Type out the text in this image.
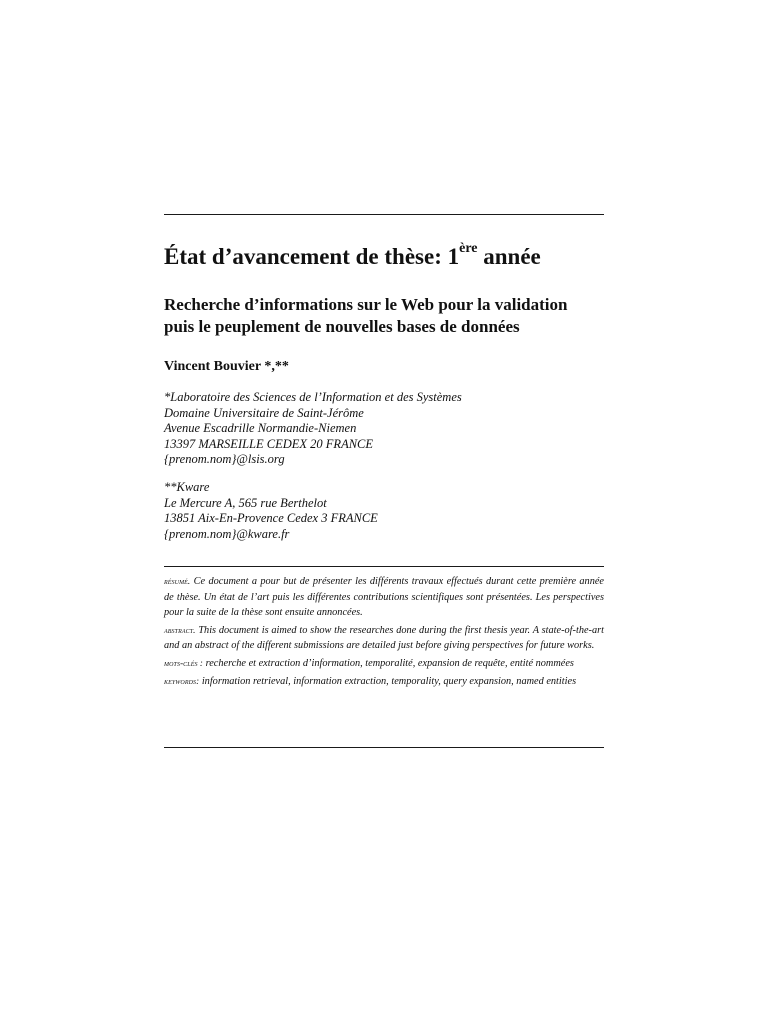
État d’avancement de thèse: 1ère année
Recherche d’informations sur le Web pour la validation
puis le peuplement de nouvelles bases de données
Vincent Bouvier *,**
*Laboratoire des Sciences de l’Information et des Systèmes
Domaine Universitaire de Saint-Jérôme
Avenue Escadrille Normandie-Niemen
13397 MARSEILLE CEDEX 20 FRANCE
{prenom.nom}@lsis.org
**Kware
Le Mercure A, 565 rue Berthelot
13851 Aix-En-Provence Cedex 3 FRANCE
{prenom.nom}@kware.fr

résumé. Ce document a pour but de présenter les différents travaux effectués durant cette première année de thèse. Un état de l’art puis les différentes contributions scientifiques sont présentées. Les perspectives pour la suite de la thèse sont ensuite annoncées.

abstract. This document is aimed to show the researches done during the first thesis year. A state-of-the-art and an abstract of the different submissions are detailed just before giving perspectives for future works.

mots-clés : recherche et extraction d’information, temporalité, expansion de requête, entité nommées

keywords: information retrieval, information extraction, temporality, query expansion, named entities
